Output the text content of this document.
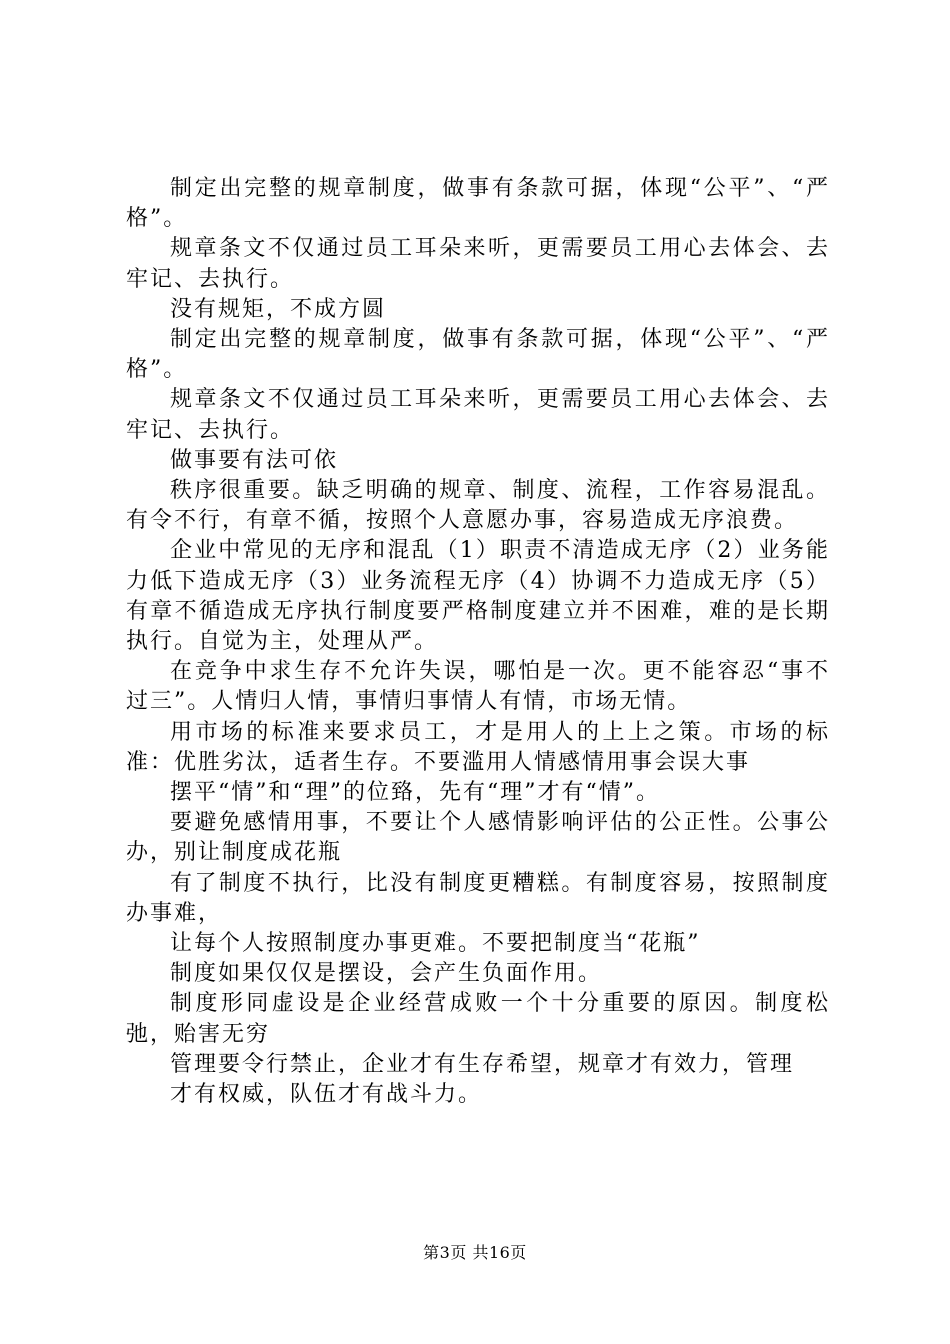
制定出完整的规章制度，做事有条款可据，体现“公平”、“严格”。

规章条文不仅通过员工耳朵来听，更需要员工用心去体会、去牢记、去执行。

没有规矩，不成方圆

制定出完整的规章制度，做事有条款可据，体现“公平”、“严格”。

规章条文不仅通过员工耳朵来听，更需要员工用心去体会、去牢记、去执行。

做事要有法可依

秩序很重要。缺乏明确的规章、制度、流程，工作容易混乱。有令不行，有章不循，按照个人意愿办事，容易造成无序浪费。

企业中常见的无序和混乱（1）职责不清造成无序（2）业务能力低下造成无序（3）业务流程无序（4）协调不力造成无序（5）有章不循造成无序执行制度要严格制度建立并不困难，难的是长期执行。自觉为主，处理从严。

在竞争中求生存不允许失误，哪怕是一次。更不能容忍“事不过三”。人情归人情，事情归事情人有情，市场无情。

用市场的标准来要求员工，才是用人的上上之策。市场的标准：优胜劣汰，适者生存。不要滥用人情感情用事会误大事

摆平“情”和“理”的位臵，先有“理”才有“情”。

要避免感情用事，不要让个人感情影响评估的公正性。公事公办，别让制度成花瓶

有了制度不执行，比没有制度更糟糕。有制度容易，按照制度办事难，

让每个人按照制度办事更难。不要把制度当“花瓶”

制度如果仅仅是摆设，会产生负面作用。

制度形同虚设是企业经营成败一个十分重要的原因。制度松弛，贻害无穷

管理要令行禁止，企业才有生存希望，规章才有效力，管理

才有权威，队伍才有战斗力。

第3页 共16页
